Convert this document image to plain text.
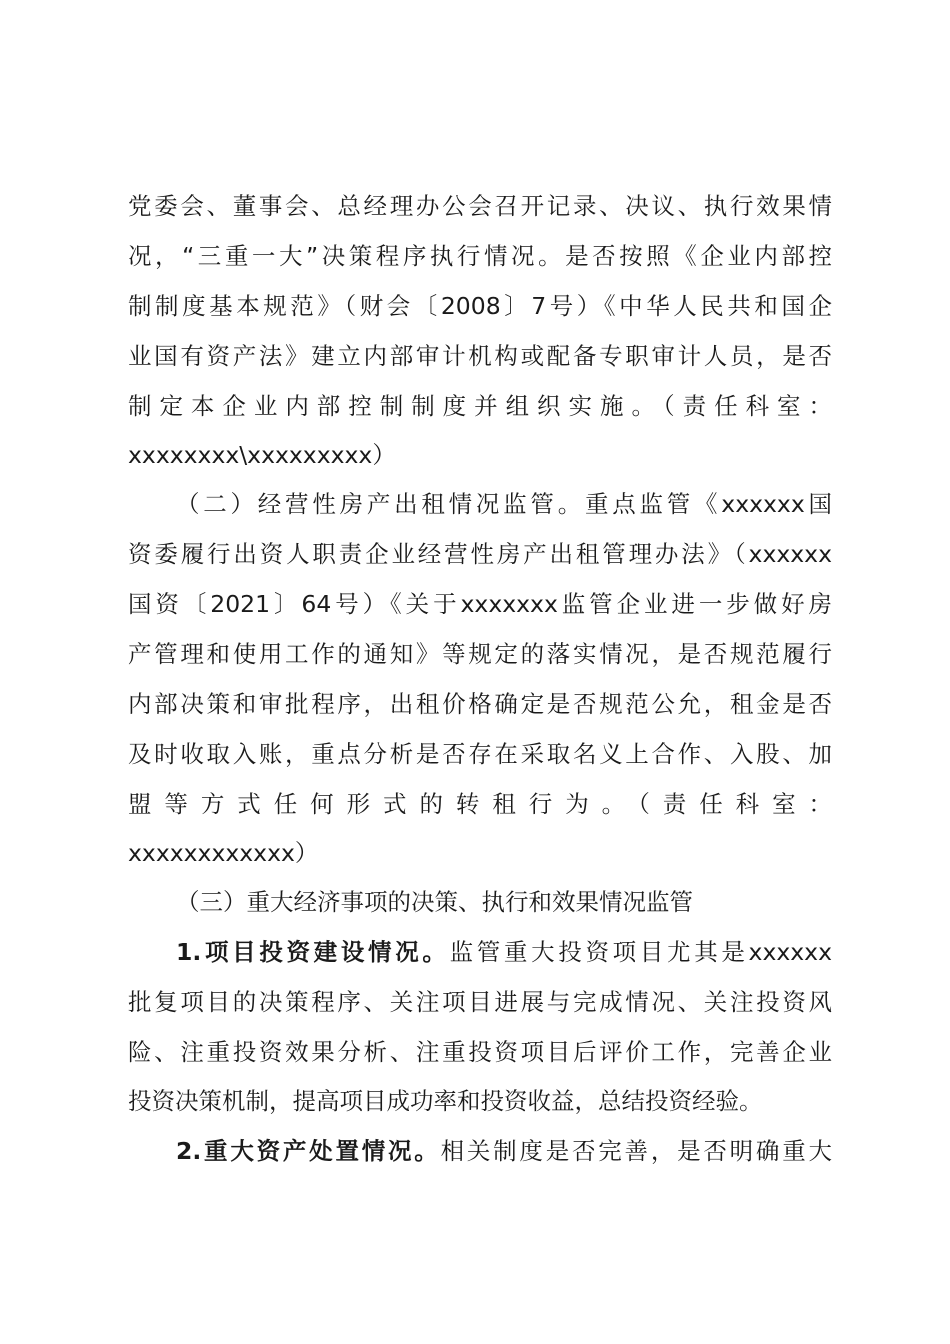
党委会、董事会、总经理办公会召开记录、决议、执行效果情
况，“三重一大”决策程序执行情况。是否按照《企业内部控
制制度基本规范》（财会〔2008〕7号）《中华人民共和国企
业国有资产法》建立内部审计机构或配备专职审计人员，是否
制定本企业内部控制制度并组织实施。（责任科室：
xxxxxxxx\xxxxxxxxx）
（二）经营性房产出租情况监管。重点监管《xxxxxx国
资委履行出资人职责企业经营性房产出租管理办法》（xxxxxx
国资〔2021〕64号）《关于xxxxxxx监管企业进一步做好房
产管理和使用工作的通知》等规定的落实情况，是否规范履行
内部决策和审批程序，出租价格确定是否规范公允，租金是否
及时收取入账，重点分析是否存在采取名义上合作、入股、加
盟等方式任何形式的转租行为。（责任科室：
xxxxxxxxxxxx）
（三）重大经济事项的决策、执行和效果情况监管
1.项目投资建设情况。监管重大投资项目尤其是xxxxxx
批复项目的决策程序、关注项目进展与完成情况、关注投资风
险、注重投资效果分析、注重投资项目后评价工作，完善企业
投资决策机制，提高项目成功率和投资收益，总结投资经验。
2.重大资产处置情况。相关制度是否完善，是否明确重大
